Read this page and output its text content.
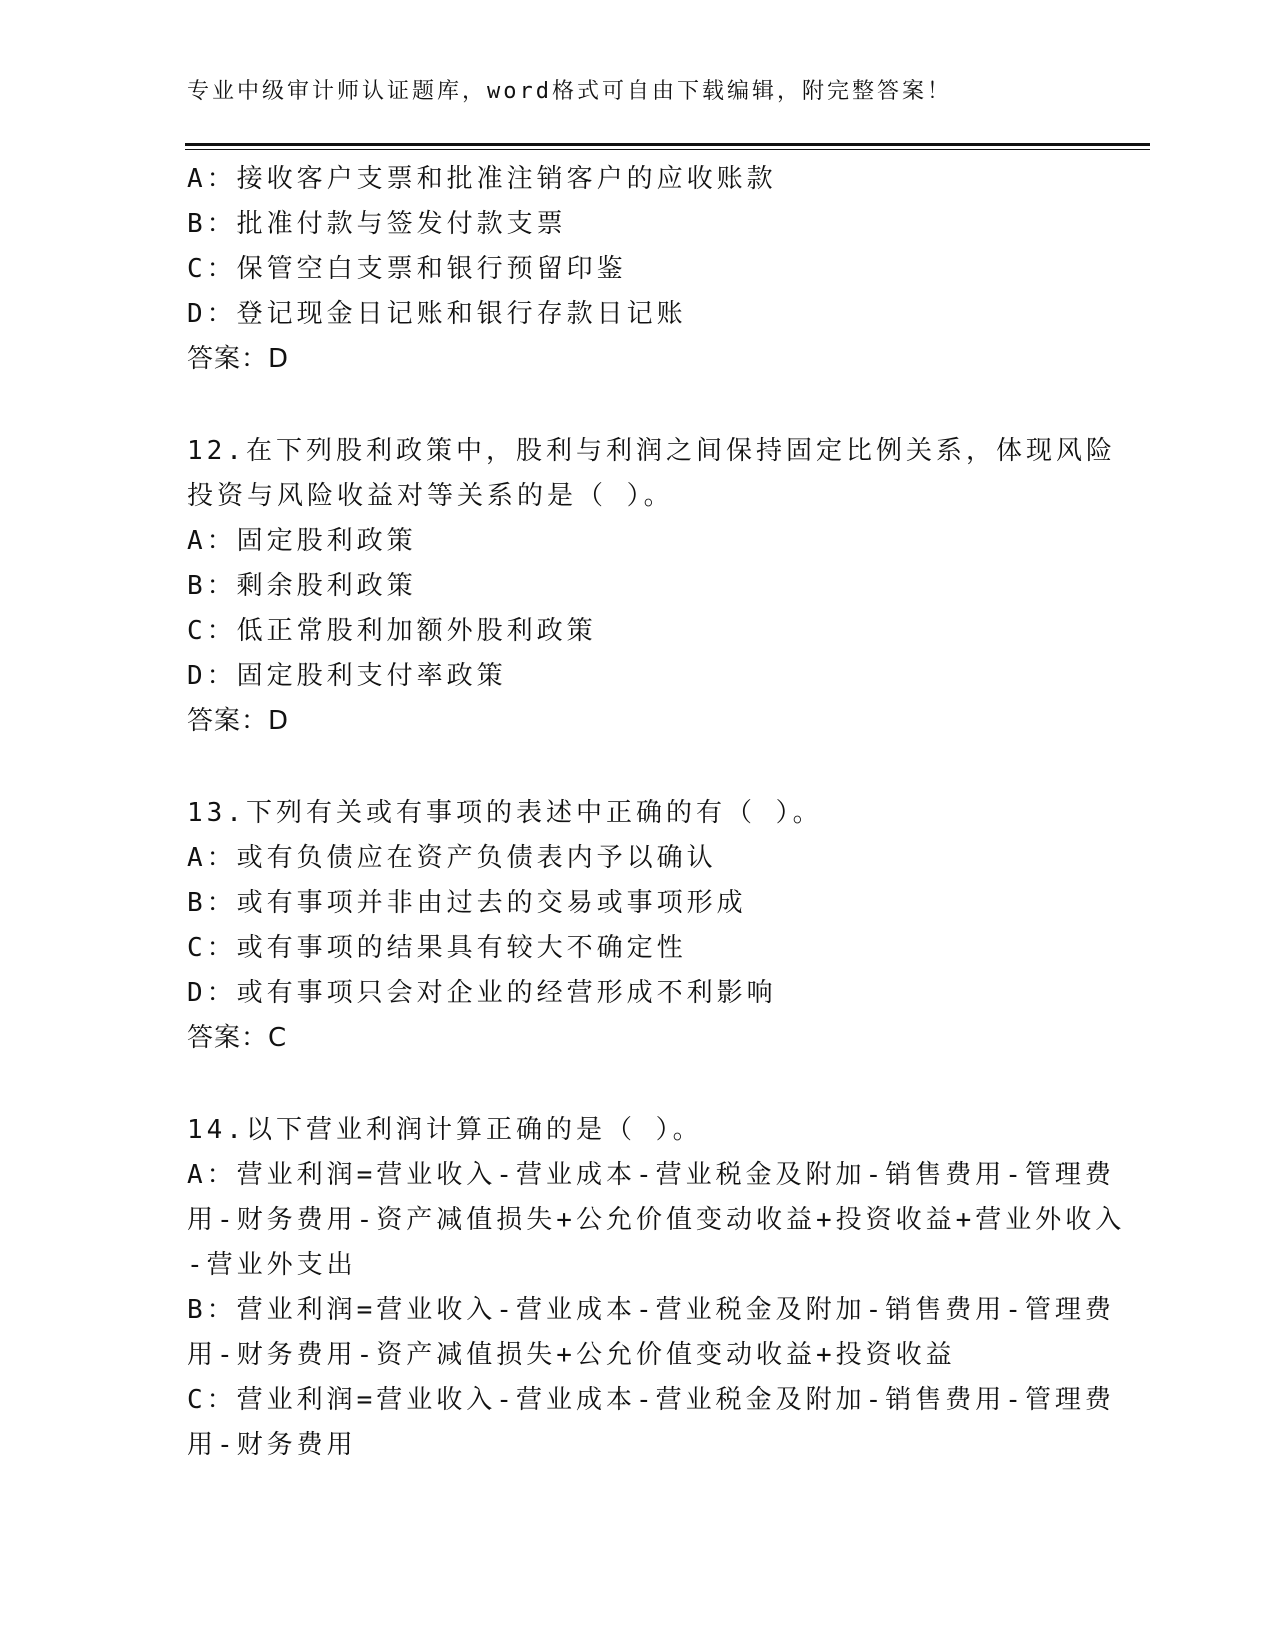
专业中级审计师认证题库，word格式可自由下载编辑，附完整答案！
A：接收客户支票和批准注销客户的应收账款
B：批准付款与签发付款支票
C：保管空白支票和银行预留印鉴
D：登记现金日记账和银行存款日记账
答案：D
12.在下列股利政策中，股利与利润之间保持固定比例关系，体现风险
投资与风险收益对等关系的是（ ）。
A：固定股利政策
B：剩余股利政策
C：低正常股利加额外股利政策
D：固定股利支付率政策
答案：D
13.下列有关或有事项的表述中正确的有（ ）。
A：或有负债应在资产负债表内予以确认
B：或有事项并非由过去的交易或事项形成
C：或有事项的结果具有较大不确定性
D：或有事项只会对企业的经营形成不利影响
答案：C
14.以下营业利润计算正确的是（ ）。
A：营业利润=营业收入-营业成本-营业税金及附加-销售费用-管理费
用-财务费用-资产减值损失+公允价值变动收益+投资收益+营业外收入
-营业外支出
B：营业利润=营业收入-营业成本-营业税金及附加-销售费用-管理费
用-财务费用-资产减值损失+公允价值变动收益+投资收益
C：营业利润=营业收入-营业成本-营业税金及附加-销售费用-管理费
用-财务费用
